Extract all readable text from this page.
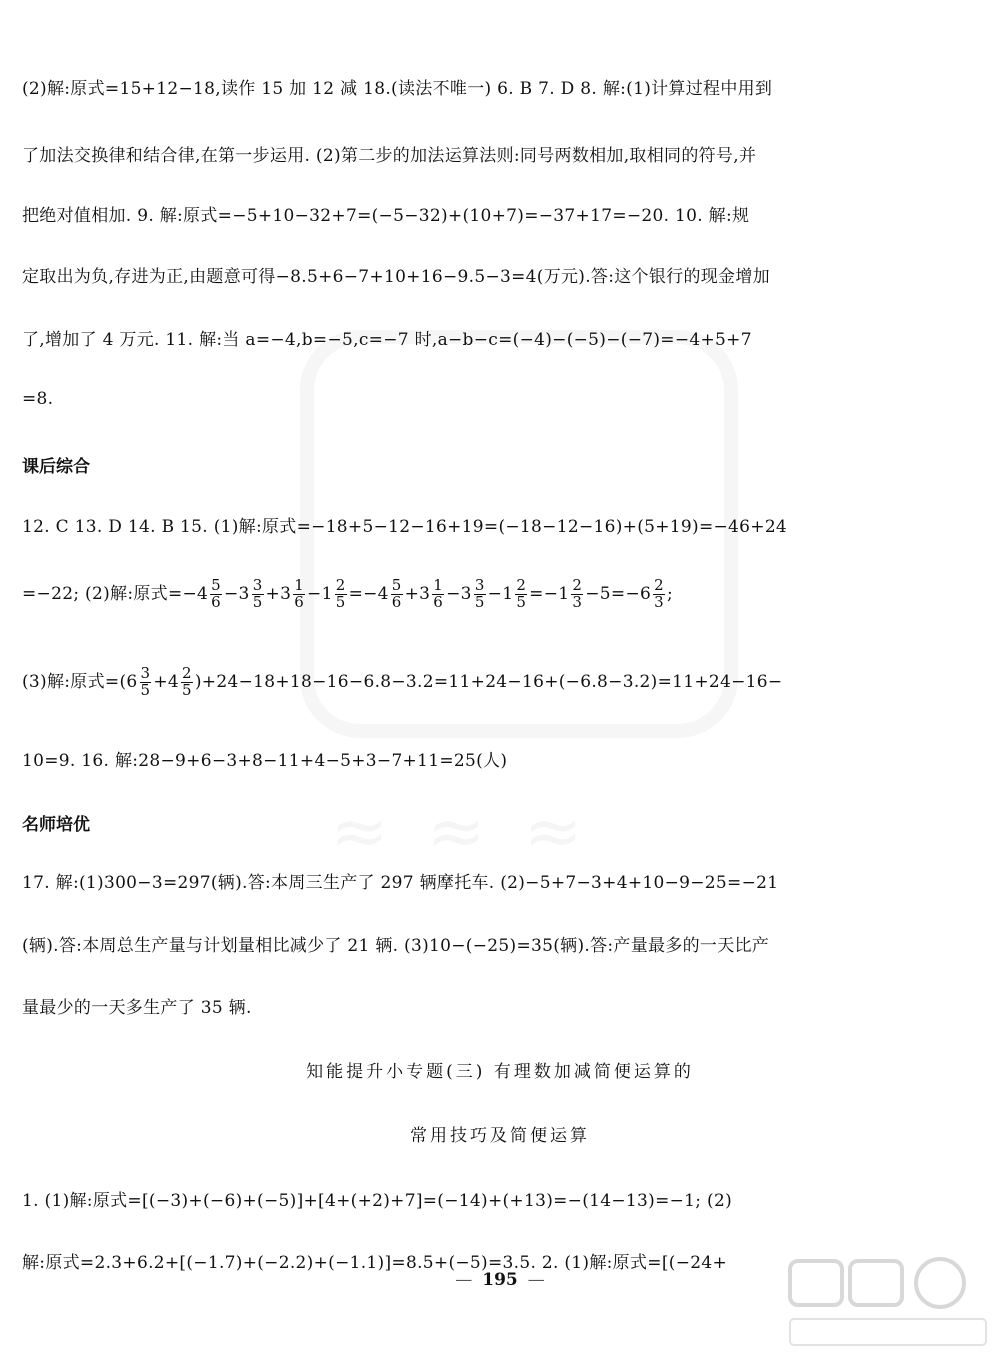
(2)解:原式=15+12−18,读作 15 加 12 减 18.(读法不唯一) 6. B 7. D 8. 解:(1)计算过程中用到
了加法交换律和结合律,在第一步运用. (2)第二步的加法运算法则:同号两数相加,取相同的符号,并
把绝对值相加. 9. 解:原式=−5+10−32+7=(−5−32)+(10+7)=−37+17=−20. 10. 解:规
定取出为负,存进为正,由题意可得−8.5+6−7+10+16−9.5−3=4(万元).答:这个银行的现金增加
了,增加了 4 万元. 11. 解:当 a=−4,b=−5,c=−7 时,a−b−c=(−4)−(−5)−(−7)=−4+5+7
=8.
课后综合
12. C 13. D 14. B 15. (1)解:原式=−18+5−12−16+19=(−18−12−16)+(5+19)=−46+24
=−22; (2)解:原式$=-4 \frac{5}{6} -3 \frac{3}{5} +3 \frac{1}{6} -1 \frac{2}{5} =-4 \frac{5}{6} +3 \frac{1}{6} -3 \frac{3}{5} -1 \frac{2}{5} =-1 \frac{2}{3} -5=-6 \frac{2}{3}$ ;
(3)解:原式$=(6 \frac{3}{5} +4 \frac{2}{5} )+24-18+18-16-6.8-3.2=11+24-16+(-6.8-3.2)=11+24-16-$
10=9. 16. 解:28−9+6−3+8−11+4−5+3−7+11=25(人)
名师培优
17. 解:(1)300−3=297(辆).答:本周三生产了 297 辆摩托车. (2)−5+7−3+4+10−9−25=−21
(辆).答:本周总生产量与计划量相比减少了 21 辆. (3)10−(−25)=35(辆).答:产量最多的一天比产
量最少的一天多生产了 35 辆.
知能提升小专题(三) 有理数加减简便运算的
常用技巧及简便运算
1. (1)解:原式=[(−3)+(−6)+(−5)]+[4+(+2)+7]=(−14)+(+13)=−(14−13)=−1; (2)
解:原式=2.3+6.2+[(−1.7)+(−2.2)+(−1.1)]=8.5+(−5)=3.5. 2. (1)解:原式=[(−24+
— 195 —
